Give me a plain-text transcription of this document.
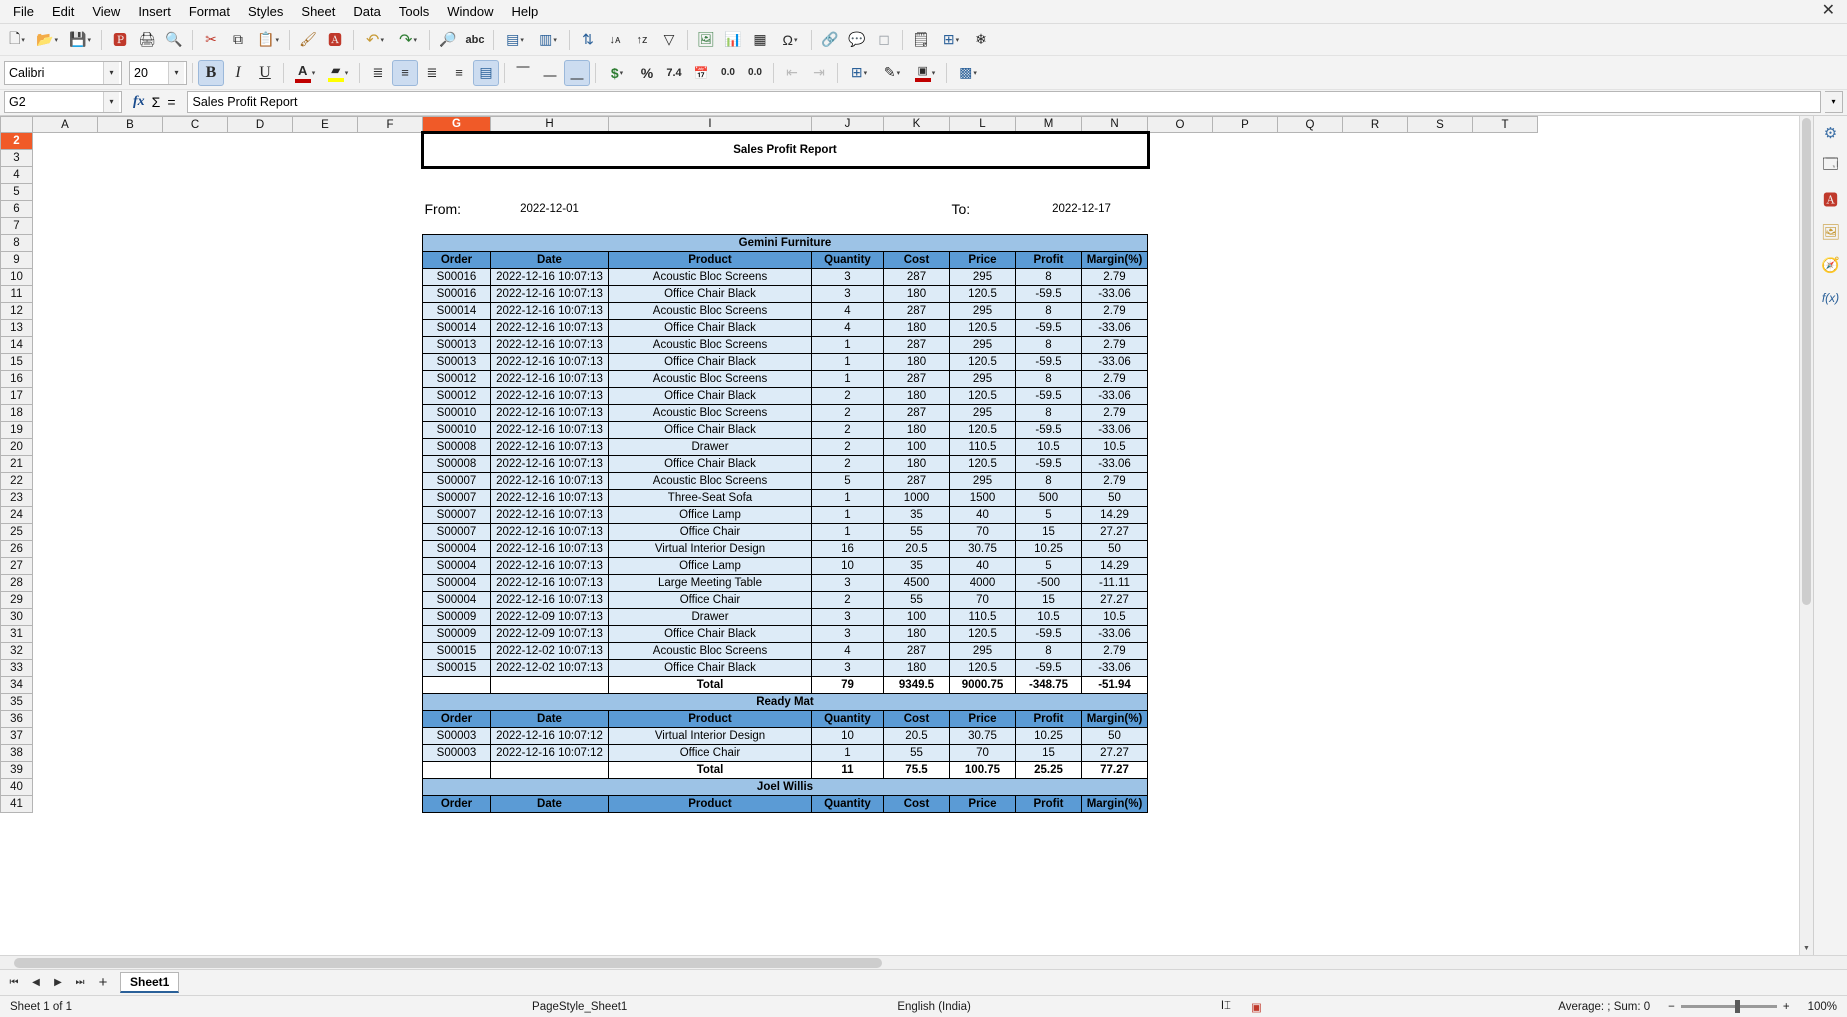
File	Edit	View	Insert	Format	Styles	Sheet	Data	Tools	Window	Help	✕
🗋 ▾ 📂 ▾ 💾 ▾ 🅿 🖨 🔍 ✂ ⧉ 📋 ▾ 🖌 🅰 ↶ ▾ ↷ ▾ 🔎 abc ▤ ▾ ▥ ▾ ⇅ ↓ᴀ ↑ᴢ ▽ 🖼 📊 ▦ Ω ▾ 🔗 💬 ◻ 🗒 ⊞ ▾ ❄
Calibri	▾	20	▾	B I U A ▾ ▰ ▾ ≣ ≡ ≣ ≡ ▤ ⎺ ⎼ ⎽ $ ▾ % 7.4 📅 0.0 0.0 ⇤ ⇥ ⊞ ▾ ✎ ▾ ▣ ▾ ▩ ▾
G2	▾	fx Σ =	Sales Profit Report	▾
	A	B	C	D	E	F	G	H	I	J	K	L	M	N	O	P	Q	R	S	T
2							Sales Profit Report													
3																				
4																				
5																				
6							From:	2022-12-01				To:	2022-12-17							
7																				
8							Gemini Furniture													
9							Order	Date	Product	Quantity	Cost	Price	Profit	Margin(%)						
10							S00016	2022-12-16 10:07:13	Acoustic Bloc Screens	3	287	295	8	2.79						
11							S00016	2022-12-16 10:07:13	Office Chair Black	3	180	120.5	-59.5	-33.06						
12							S00014	2022-12-16 10:07:13	Acoustic Bloc Screens	4	287	295	8	2.79						
13							S00014	2022-12-16 10:07:13	Office Chair Black	4	180	120.5	-59.5	-33.06						
14							S00013	2022-12-16 10:07:13	Acoustic Bloc Screens	1	287	295	8	2.79						
15							S00013	2022-12-16 10:07:13	Office Chair Black	1	180	120.5	-59.5	-33.06						
16							S00012	2022-12-16 10:07:13	Acoustic Bloc Screens	1	287	295	8	2.79						
17							S00012	2022-12-16 10:07:13	Office Chair Black	2	180	120.5	-59.5	-33.06						
18							S00010	2022-12-16 10:07:13	Acoustic Bloc Screens	2	287	295	8	2.79						
19							S00010	2022-12-16 10:07:13	Office Chair Black	2	180	120.5	-59.5	-33.06						
20							S00008	2022-12-16 10:07:13	Drawer	2	100	110.5	10.5	10.5						
21							S00008	2022-12-16 10:07:13	Office Chair Black	2	180	120.5	-59.5	-33.06						
22							S00007	2022-12-16 10:07:13	Acoustic Bloc Screens	5	287	295	8	2.79						
23							S00007	2022-12-16 10:07:13	Three-Seat Sofa	1	1000	1500	500	50						
24							S00007	2022-12-16 10:07:13	Office Lamp	1	35	40	5	14.29						
25							S00007	2022-12-16 10:07:13	Office Chair	1	55	70	15	27.27						
26							S00004	2022-12-16 10:07:13	Virtual Interior Design	16	20.5	30.75	10.25	50						
27							S00004	2022-12-16 10:07:13	Office Lamp	10	35	40	5	14.29						
28							S00004	2022-12-16 10:07:13	Large Meeting Table	3	4500	4000	-500	-11.11						
29							S00004	2022-12-16 10:07:13	Office Chair	2	55	70	15	27.27						
30							S00009	2022-12-09 10:07:13	Drawer	3	100	110.5	10.5	10.5						
31							S00009	2022-12-09 10:07:13	Office Chair Black	3	180	120.5	-59.5	-33.06						
32							S00015	2022-12-02 10:07:13	Acoustic Bloc Screens	4	287	295	8	2.79						
33							S00015	2022-12-02 10:07:13	Office Chair Black	3	180	120.5	-59.5	-33.06						
34									Total	79	9349.5	9000.75	-348.75	-51.94						
35							Ready Mat													
36							Order	Date	Product	Quantity	Cost	Price	Profit	Margin(%)						
37							S00003	2022-12-16 10:07:12	Virtual Interior Design	10	20.5	30.75	10.25	50						
38							S00003	2022-12-16 10:07:12	Office Chair	1	55	70	15	27.27						
39									Total	11	75.5	100.75	25.25	77.27						
40							Joel Willis													
41							Order	Date	Product	Quantity	Cost	Price	Profit	Margin(%)						
▼
⚙
🗔
🅰
🖼
🧭
f(x)
⏮	◀	▶	⏭ +	Sheet1
Sheet 1 of 1	PageStyle_Sheet1	English (India)	I⌶	▣	Average: ; Sum: 0	−	+	100%
